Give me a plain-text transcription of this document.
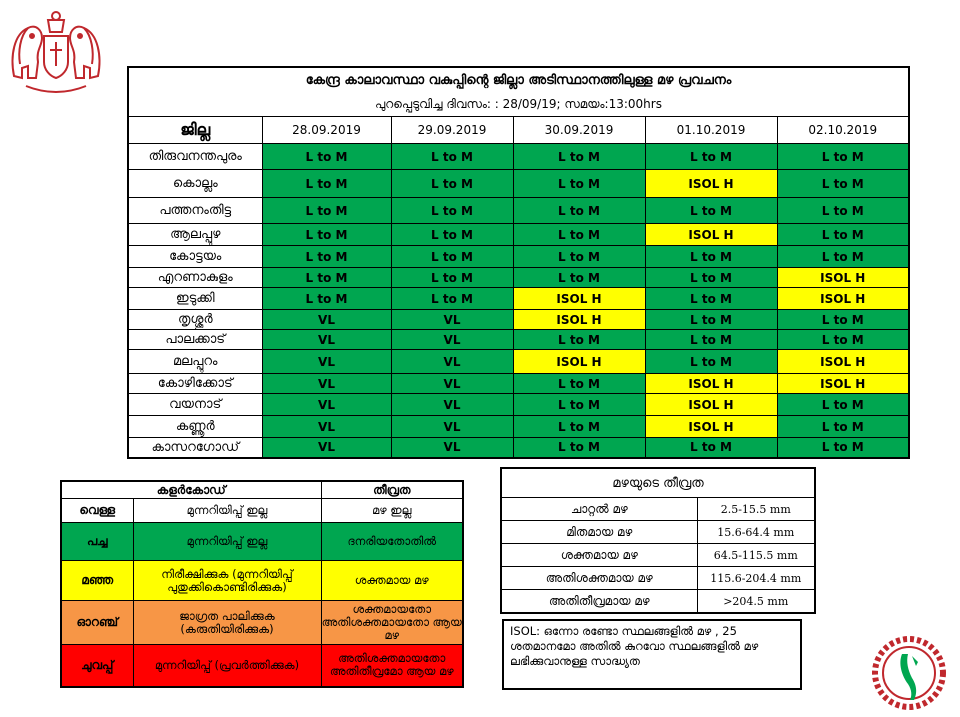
കേന്ദ്ര കാലാവസ്ഥാ വകുപ്പിന്റെ ജില്ലാ അടിസ്ഥാനത്തിലുള്ള മഴ പ്രവചനം					
പുറപ്പെടുവിച്ച ദിവസം: : 28/09/19; സമയം:13:00hrs					
ജില്ല	28.09.2019	29.09.2019	30.09.2019	01.10.2019	02.10.2019
തിരുവനന്തപുരം	L to M	L to M	L to M	L to M	L to M
കൊല്ലം	L to M	L to M	L to M	ISOL H	L to M
പത്തനംതിട്ട	L to M	L to M	L to M	L to M	L to M
ആലപ്പുഴ	L to M	L to M	L to M	ISOL H	L to M
കോട്ടയം	L to M	L to M	L to M	L to M	L to M
എറണാകുളം	L to M	L to M	L to M	L to M	ISOL H
ഇടുക്കി	L to M	L to M	ISOL H	L to M	ISOL H
തൃശ്ശൂർ	VL	VL	ISOL H	L to M	L to M
പാലക്കാട്	VL	VL	L to M	L to M	L to M
മലപ്പുറം	VL	VL	ISOL H	L to M	ISOL H
കോഴിക്കോട്	VL	VL	L to M	ISOL H	ISOL H
വയനാട്	VL	VL	L to M	ISOL H	L to M
കണ്ണൂർ	VL	VL	L to M	ISOL H	L to M
കാസറഗോഡ്	VL	VL	L to M	L to M	L to M
കളർകോഡ്		തീവ്രത
വെള്ള	മുന്നറിയിപ്പ് ഇല്ല	മഴ ഇല്ല
പച്ച	മുന്നറിയിപ്പ് ഇല്ല	ദനരിയതോതിൽ
മഞ്ഞ	നിരീക്ഷിക്കുക (മുന്നറിയിപ്പ് പുതുക്കികൊണ്ടിരിക്കുക)	ശക്തമായ മഴ
ഓറഞ്ച്	ജാഗ്രത പാലിക്കുക (കരുതിയിരിക്കുക)	ശക്തമായതോ അതിശക്തമായതോ ആയ മഴ
ചുവപ്പ്	മുന്നറിയിപ്പ് (പ്രവർത്തിക്കുക)	അതിശക്തമായതോ അതിതീവ്രമോ ആയ മഴ
മഴയുടെ തീവ്രത	
ചാറ്റൽ മഴ	2.5-15.5 mm
മിതമായ മഴ	15.6-64.4 mm
ശക്തമായ മഴ	64.5-115.5 mm
അതിശക്തമായ മഴ	115.6-204.4 mm
അതിതീവ്രമായ മഴ	>204.5 mm
ISOL: ഒന്നോ രണ്ടോ സ്ഥലങ്ങളിൽ മഴ , 25 ശതമാനമോ അതിൽ കുറവോ സ്ഥലങ്ങളിൽ മഴ ലഭിക്കുവാനുള്ള സാദ്ധ്യത
